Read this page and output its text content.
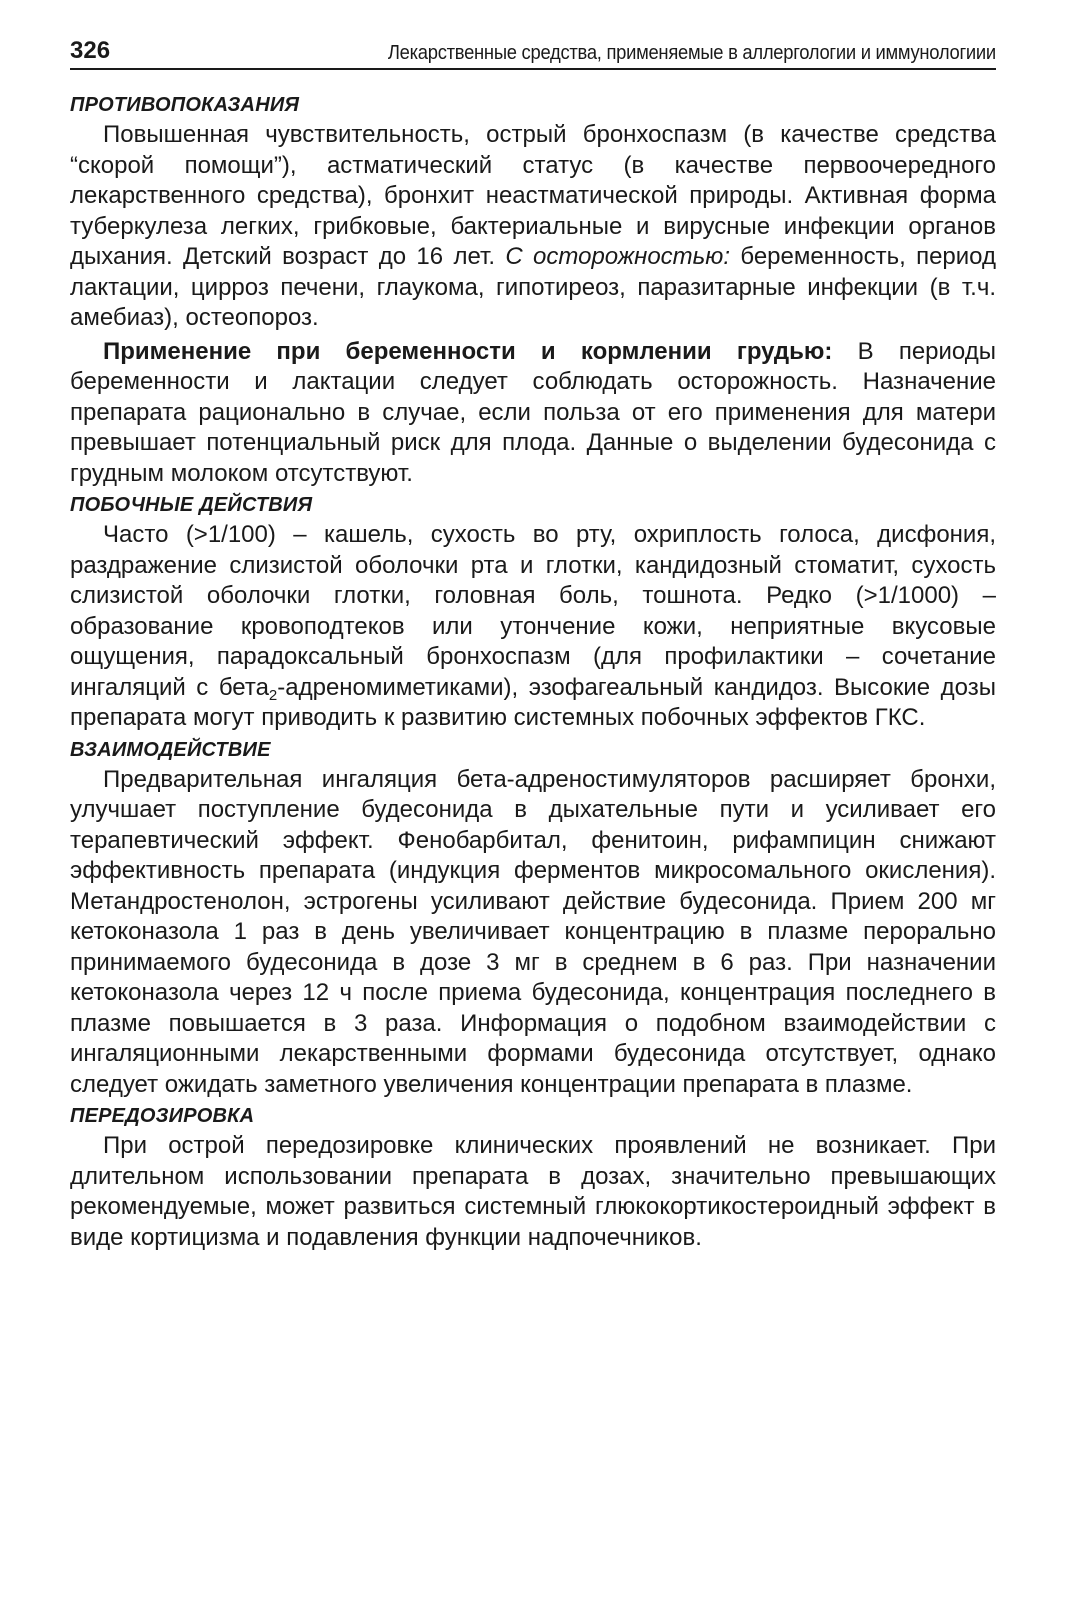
326	Лекарственные средства, применяемые в аллергологии и иммунологиии
ПРОТИВОПОКАЗАНИЯ

Повышенная чувствительность, острый бронхоспазм (в качестве средства “скорой помощи”), астматический статус (в качестве первоочередного лекарственного средства), бронхит неастматической природы. Активная форма туберкулеза легких, грибковые, бактериальные и вирусные инфекции органов дыхания. Детский возраст до 16 лет. С осторожностью: беременность, период лактации, цирроз печени, глаукома, гипотиреоз, паразитарные инфекции (в т.ч. амебиаз), остеопороз.

Применение при беременности и кормлении грудью: В периоды беременности и лактации следует соблюдать осторожность. Назначение препарата рационально в случае, если польза от его применения для матери превышает потенциальный риск для плода. Данные о выделении будесонида с грудным молоком отсутствуют.

ПОБОЧНЫЕ ДЕЙСТВИЯ

Часто (>1/100) – кашель, сухость во рту, охриплость голоса, дисфония, раздражение слизистой оболочки рта и глотки, кандидозный стоматит, сухость слизистой оболочки глотки, головная боль, тошнота. Редко (>1/1000) – образование кровоподтеков или утончение кожи, неприятные вкусовые ощущения, парадоксальный бронхоспазм (для профилактики – сочетание ингаляций с бета$_2$-адреномиметиками), эзофагеальный кандидоз. Высокие дозы препарата могут приводить к развитию системных побочных эффектов ГКС.

ВЗАИМОДЕЙСТВИЕ

Предварительная ингаляция бета-адреностимуляторов расширяет бронхи, улучшает поступление будесонида в дыхательные пути и усиливает его терапевтический эффект. Фенобарбитал, фенитоин, рифампицин снижают эффективность препарата (индукция ферментов микросомального окисления). Метандростенолон, эстрогены усиливают действие будесонида. Прием 200 мг кетоконазола 1 раз в день увеличивает концентрацию в плазме перорально принимаемого будесонида в дозе 3 мг в среднем в 6 раз. При назначении кетоконазола через 12 ч после приема будесонида, концентрация последнего в плазме повышается в 3 раза. Информация о подобном взаимодействии с ингаляционными лекарственными формами будесонида отсутствует, однако следует ожидать заметного увеличения концентрации препарата в плазме.

ПЕРЕДОЗИРОВКА

При острой передозировке клинических проявлений не возникает. При длительном использовании препарата в дозах, значительно превышающих рекомендуемые, может развиться системный глюкокортикостероидный эффект в виде кортицизма и подавления функции надпочечников.
